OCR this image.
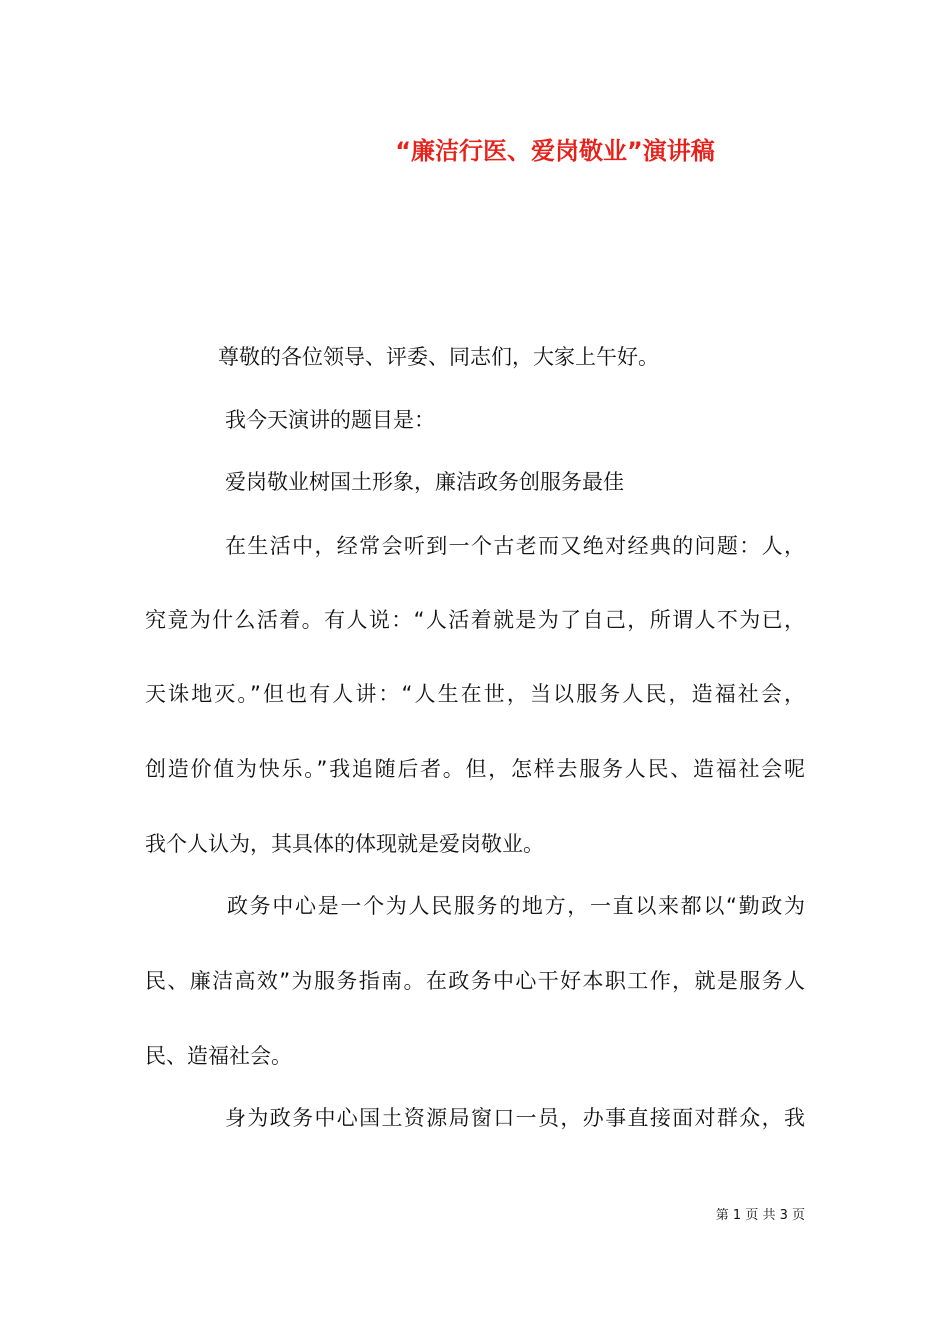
“廉洁行医、爱岗敬业”演讲稿
尊敬的各位领导、评委、同志们，大家上午好。
我今天演讲的题目是：
爱岗敬业树国土形象，廉洁政务创服务最佳
在生活中，经常会听到一个古老而又绝对经典的问题：人，
究竟为什么活着。有人说：“人活着就是为了自己，所谓人不为已，
天诛地灭。”但也有人讲：“人生在世，当以服务人民，造福社会，
创造价值为快乐。”我追随后者。但，怎样去服务人民、造福社会呢
我个人认为，其具体的体现就是爱岗敬业。
政务中心是一个为人民服务的地方，一直以来都以“勤政为
民、廉洁高效”为服务指南。在政务中心干好本职工作，就是服务人
民、造福社会。
身为政务中心国土资源局窗口一员，办事直接面对群众，我
第 1 页 共 3 页
